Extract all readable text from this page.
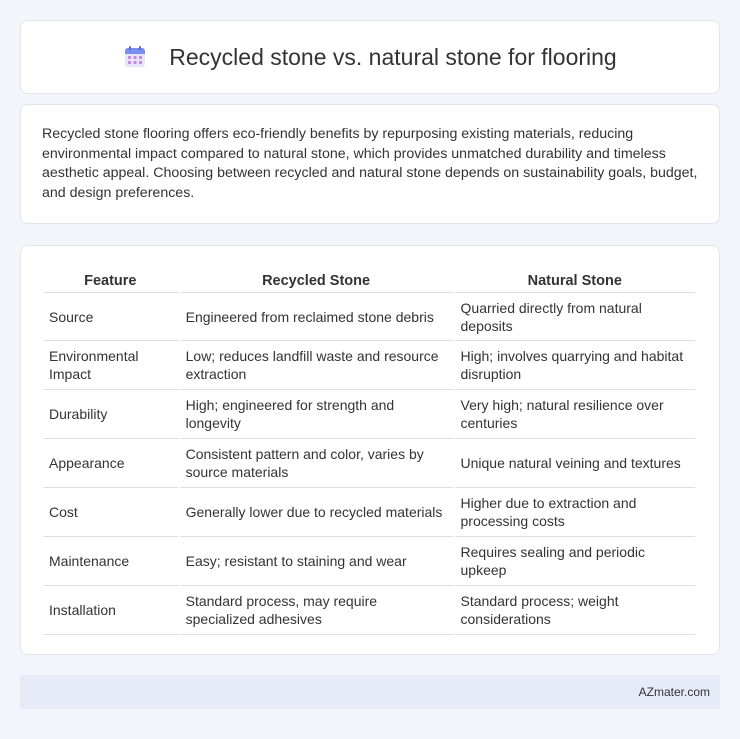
Recycled stone vs. natural stone for flooring

Recycled stone flooring offers eco-friendly benefits by repurposing existing materials, reducing environmental impact compared to natural stone, which provides unmatched durability and timeless aesthetic appeal. Choosing between recycled and natural stone depends on sustainability goals, budget, and design preferences.

Feature	Recycled Stone	Natural Stone
Source	Engineered from reclaimed stone debris	Quarried directly from natural deposits
Environmental Impact	Low; reduces landfill waste and resource extraction	High; involves quarrying and habitat disruption
Durability	High; engineered for strength and longevity	Very high; natural resilience over centuries
Appearance	Consistent pattern and color, varies by source materials	Unique natural veining and textures
Cost	Generally lower due to recycled materials	Higher due to extraction and processing costs
Maintenance	Easy; resistant to staining and wear	Requires sealing and periodic upkeep
Installation	Standard process, may require specialized adhesives	Standard process; weight considerations
AZmater.com
